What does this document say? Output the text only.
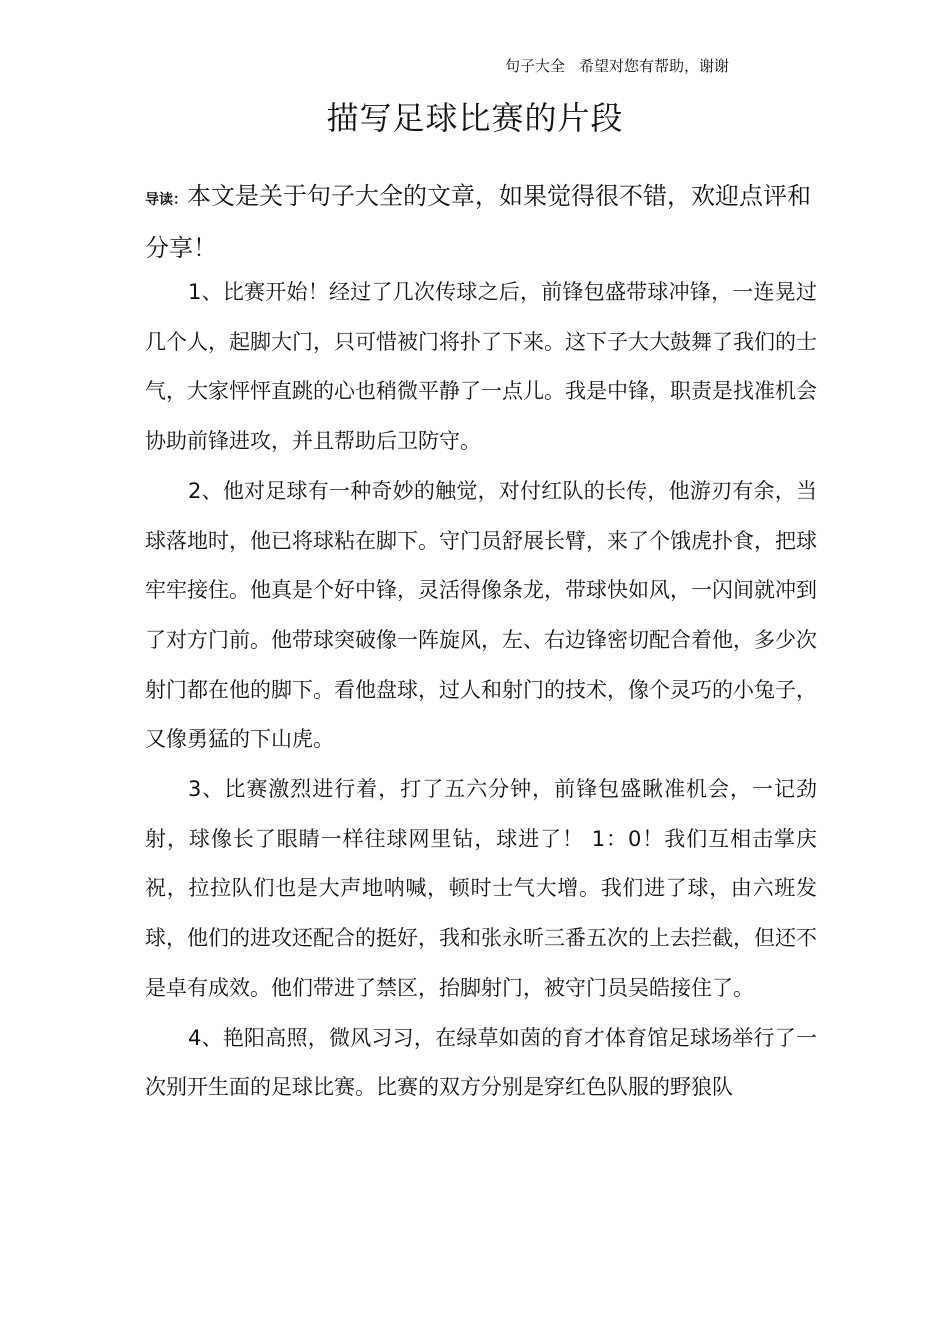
句子大全 希望对您有帮助，谢谢
描写足球比赛的片段
导读：本文是关于句子大全的文章，如果觉得很不错，欢迎点评和分享！

1、比赛开始！经过了几次传球之后，前锋包盛带球冲锋，一连晃过几个人，起脚大门，只可惜被门将扑了下来。这下子大大鼓舞了我们的士气，大家怦怦直跳的心也稍微平静了一点儿。我是中锋，职责是找准机会协助前锋进攻，并且帮助后卫防守。

2、他对足球有一种奇妙的触觉，对付红队的长传，他游刃有余，当球落地时，他已将球粘在脚下。守门员舒展长臂，来了个饿虎扑食，把球牢牢接住。他真是个好中锋，灵活得像条龙，带球快如风，一闪间就冲到了对方门前。他带球突破像一阵旋风，左、右边锋密切配合着他，多少次射门都在他的脚下。看他盘球，过人和射门的技术，像个灵巧的小兔子，又像勇猛的下山虎。

3、比赛激烈进行着，打了五六分钟，前锋包盛瞅准机会，一记劲射，球像长了眼睛一样往球网里钻，球进了！ 1：0！我们互相击掌庆祝，拉拉队们也是大声地呐喊，顿时士气大增。我们进了球，由六班发球，他们的进攻还配合的挺好，我和张永昕三番五次的上去拦截，但还不是卓有成效。他们带进了禁区，抬脚射门，被守门员吴皓接住了。

4、艳阳高照，微风习习，在绿草如茵的育才体育馆足球场举行了一次别开生面的足球比赛。比赛的双方分别是穿红色队服的野狼队
